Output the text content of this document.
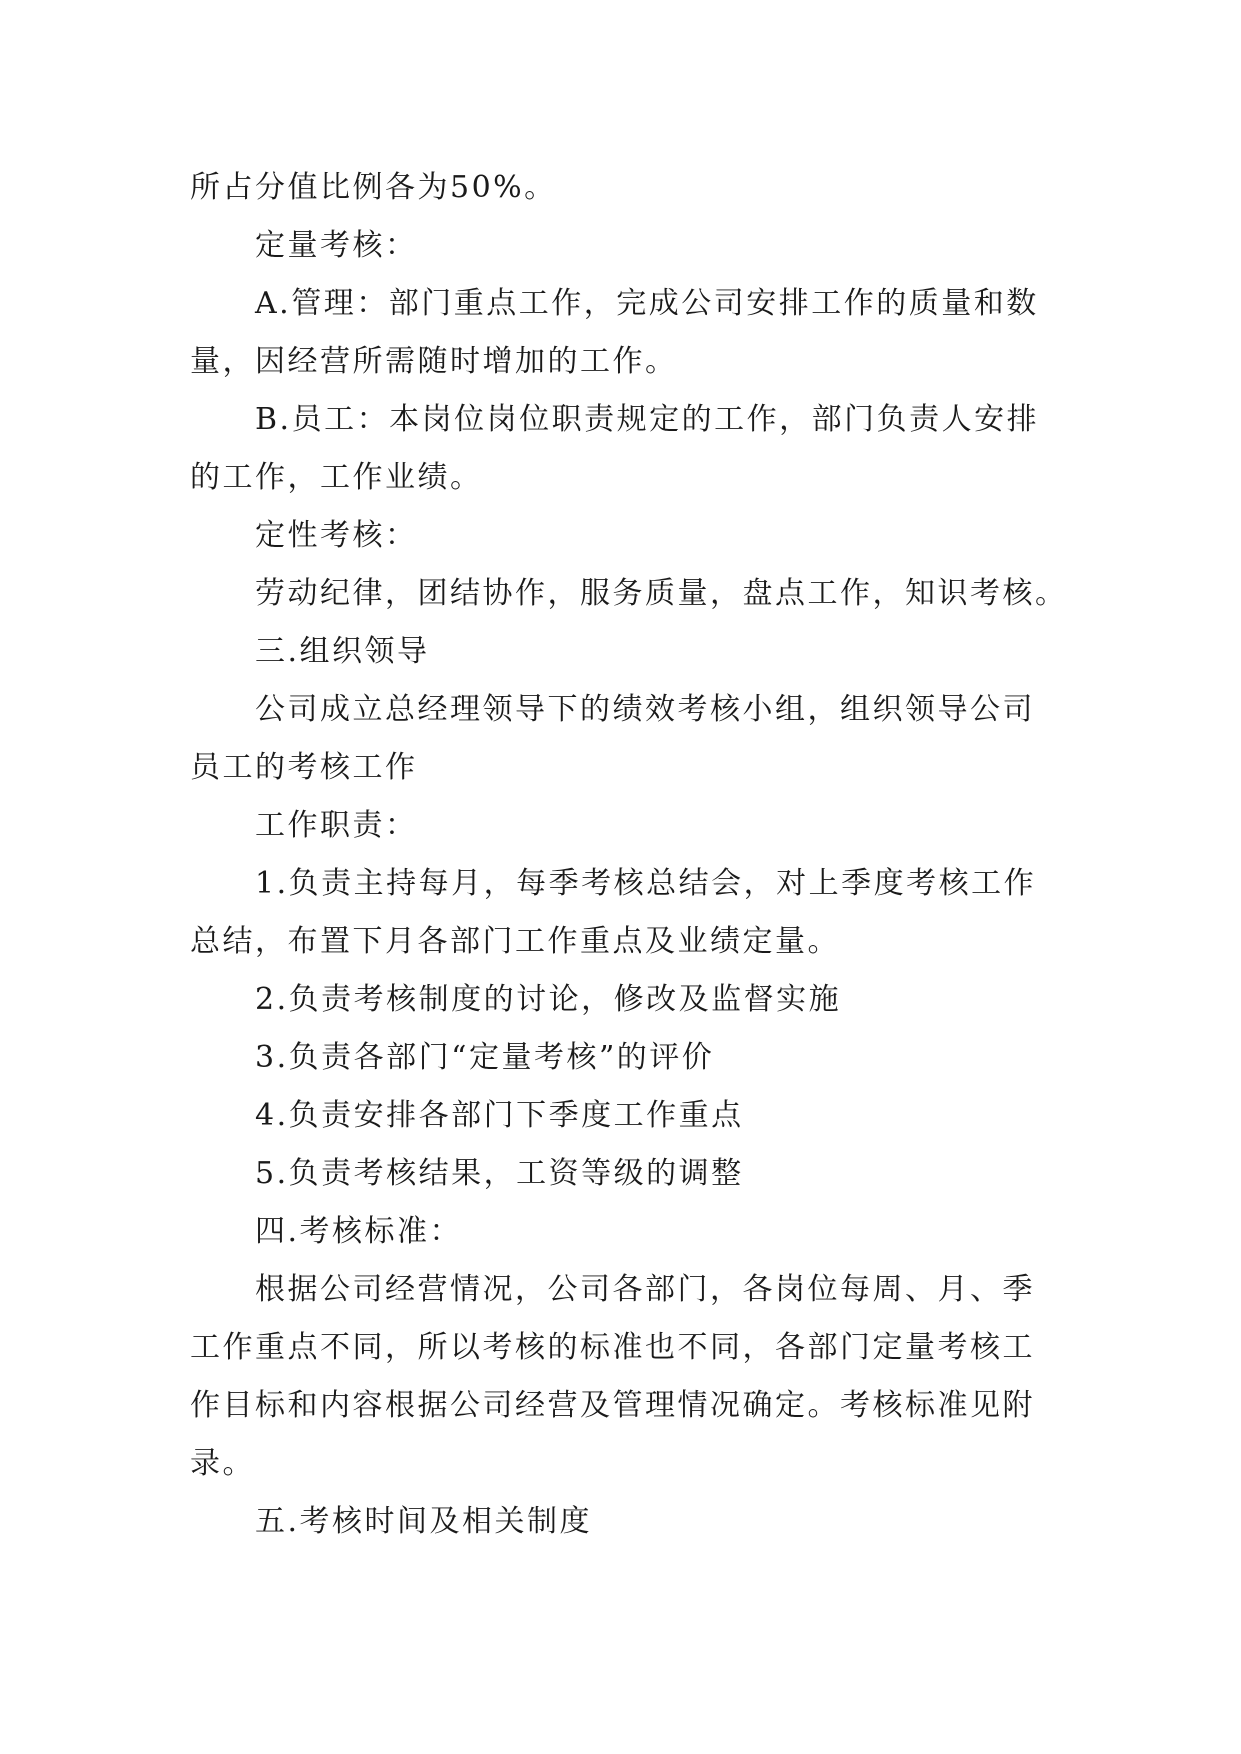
所占分值比例各为50%。
定量考核：
A.管理：部门重点工作，完成公司安排工作的质量和数
量，因经营所需随时增加的工作。
B.员工：本岗位岗位职责规定的工作，部门负责人安排
的工作，工作业绩。
定性考核：
劳动纪律，团结协作，服务质量，盘点工作，知识考核。
三.组织领导
公司成立总经理领导下的绩效考核小组，组织领导公司
员工的考核工作
工作职责：
1.负责主持每月，每季考核总结会，对上季度考核工作
总结，布置下月各部门工作重点及业绩定量。
2.负责考核制度的讨论，修改及监督实施
3.负责各部门“定量考核”的评价
4.负责安排各部门下季度工作重点
5.负责考核结果，工资等级的调整
四.考核标准：
根据公司经营情况，公司各部门，各岗位每周、月、季
工作重点不同，所以考核的标准也不同，各部门定量考核工
作目标和内容根据公司经营及管理情况确定。考核标准见附
录。
五.考核时间及相关制度
